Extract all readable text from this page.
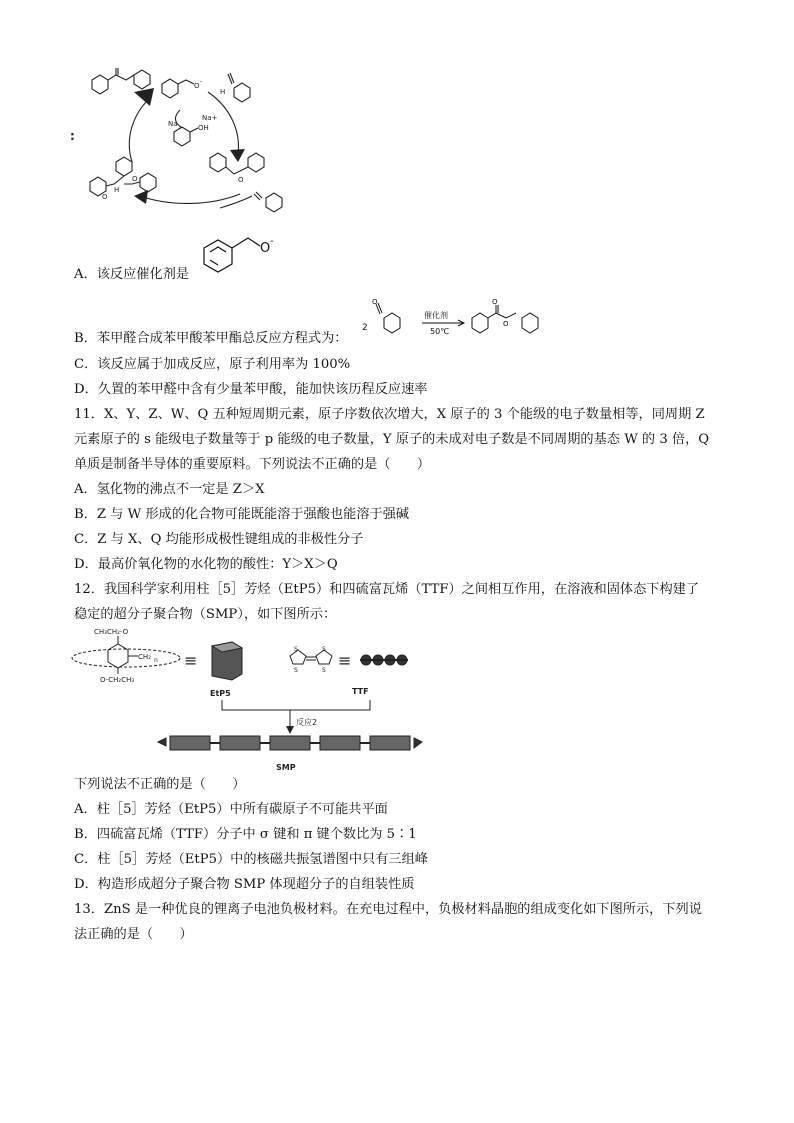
O
-
H
Na
Na+
OH
O
H
O	O
:
A．该反应催化剂是
O -
B．苯甲醛合成苯甲酸苯甲酯总反应方程式为：
2
O
催化剂
50℃
O
O
C．该反应属于加成反应，原子利用率为 100%
D．久置的苯甲醛中含有少量苯甲酸，能加快该历程反应速率
11．X、Y、Z、W、Q 五种短周期元素，原子序数依次增大，X 原子的 3 个能级的电子数量相等，同周期 Z
元素原子的 s 能级电子数量等于 p 能级的电子数量，Y 原子的未成对电子数是不同周期的基态 W 的 3 倍，Q
单质是制备半导体的重要原料。下列说法不正确的是（　　）
A．氢化物的沸点不一定是 Z＞X
B．Z 与 W 形成的化合物可能既能溶于强酸也能溶于强碱
C．Z 与 X、Q 均能形成极性键组成的非极性分子
D．最高价氧化物的水化物的酸性：Y＞X＞Q
12．我国科学家利用柱［5］芳烃（EtP5）和四硫富瓦烯（TTF）之间相互作用，在溶液和固体态下构建了
稳定的超分子聚合物（SMP），如下图所示：
CH₃CH₂-O
CH₂ n
O-CH₂CH₃
≡
EtP5
S
S
S
S
≡
TTF
反应2
SMP
下列说法不正确的是（　　）
A．柱［5］芳烃（EtP5）中所有碳原子不可能共平面
B．四硫富瓦烯（TTF）分子中 σ 键和 π 键个数比为 5∶1
C．柱［5］芳烃（EtP5）中的核磁共振氢谱图中只有三组峰
D．构造形成超分子聚合物 SMP 体现超分子的自组装性质
13．ZnS 是一种优良的锂离子电池负极材料。在充电过程中，负极材料晶胞的组成变化如下图所示，下列说
法正确的是（　　）
